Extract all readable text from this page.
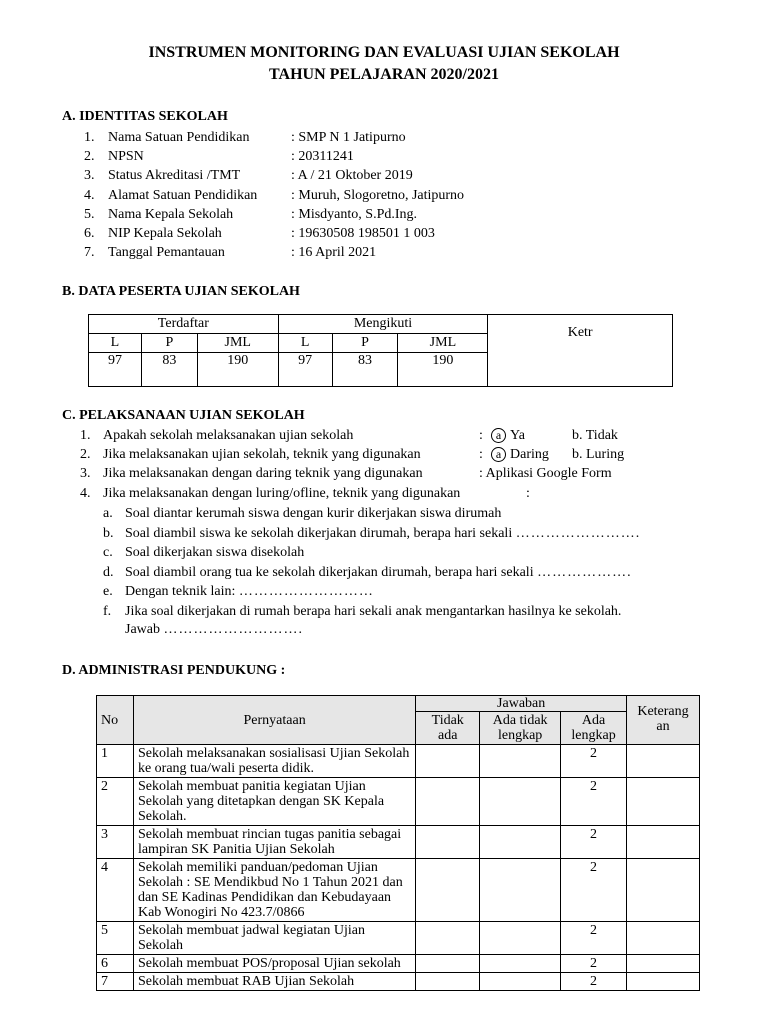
INSTRUMEN MONITORING DAN EVALUASI UJIAN SEKOLAH
TAHUN PELAJARAN 2020/2021
A. IDENTITAS SEKOLAH
1. Nama Satuan Pendidikan	: SMP N 1 Jatipurno
2. NPSN	: 20311241
3. Status Akreditasi /TMT	: A / 21 Oktober 2019
4. Alamat Satuan Pendidikan : Muruh, Slogoretno, Jatipurno
5. Nama Kepala Sekolah	: Misdyanto, S.Pd.Ing.
6. NIP Kepala Sekolah	: 19630508 198501 1 003
7. Tanggal Pemantauan	: 16 April 2021
B. DATA PESERTA UJIAN SEKOLAH
Terdaftar			Mengikuti			Ketr
L	P	JML	L	P	JML	
97	83	190	97	83	190	
C. PELAKSANAAN UJIAN SEKOLAH
1. Apakah sekolah melaksanakan ujian sekolah	:	a Ya	b. Tidak
2. Jika melaksanakan ujian sekolah, teknik yang digunakan	:	a Daring b. Luring
3. Jika melaksanakan dengan daring teknik yang digunakan	: Aplikasi Google Form
4. Jika melaksanakan dengan luring/ofline, teknik yang digunakan	:
a. Soal diantar kerumah siswa dengan kurir dikerjakan siswa dirumah
b. Soal diambil siswa ke sekolah dikerjakan dirumah, berapa hari sekali …………………….
c. Soal dikerjakan siswa disekolah
d. Soal diambil orang tua ke sekolah dikerjakan dirumah, berapa hari sekali ……………….
e. Dengan teknik lain: ………………………
f. Jika soal dikerjakan di rumah berapa hari sekali anak mengantarkan hasilnya ke sekolah.
Jawab ……………………….
D. ADMINISTRASI PENDUKUNG :
No	Pernyataan	Jawaban			Keterang an
		Tidak ada	Ada tidak lengkap	Ada lengkap	
1	Sekolah melaksanakan sosialisasi Ujian Sekolah ke orang tua/wali peserta didik.			2	
2	Sekolah membuat panitia kegiatan Ujian Sekolah yang ditetapkan dengan SK Kepala Sekolah.			2	
3	Sekolah membuat rincian tugas panitia sebagai lampiran SK Panitia Ujian Sekolah			2	
4	Sekolah memiliki panduan/pedoman Ujian Sekolah : SE Mendikbud No 1 Tahun 2021 dan dan SE Kadinas Pendidikan dan Kebudayaan Kab Wonogiri No 423.7/0866			2	
5	Sekolah membuat jadwal kegiatan Ujian Sekolah			2	
6	Sekolah membuat POS/proposal Ujian sekolah			2	
7	Sekolah membuat RAB Ujian Sekolah			2	
